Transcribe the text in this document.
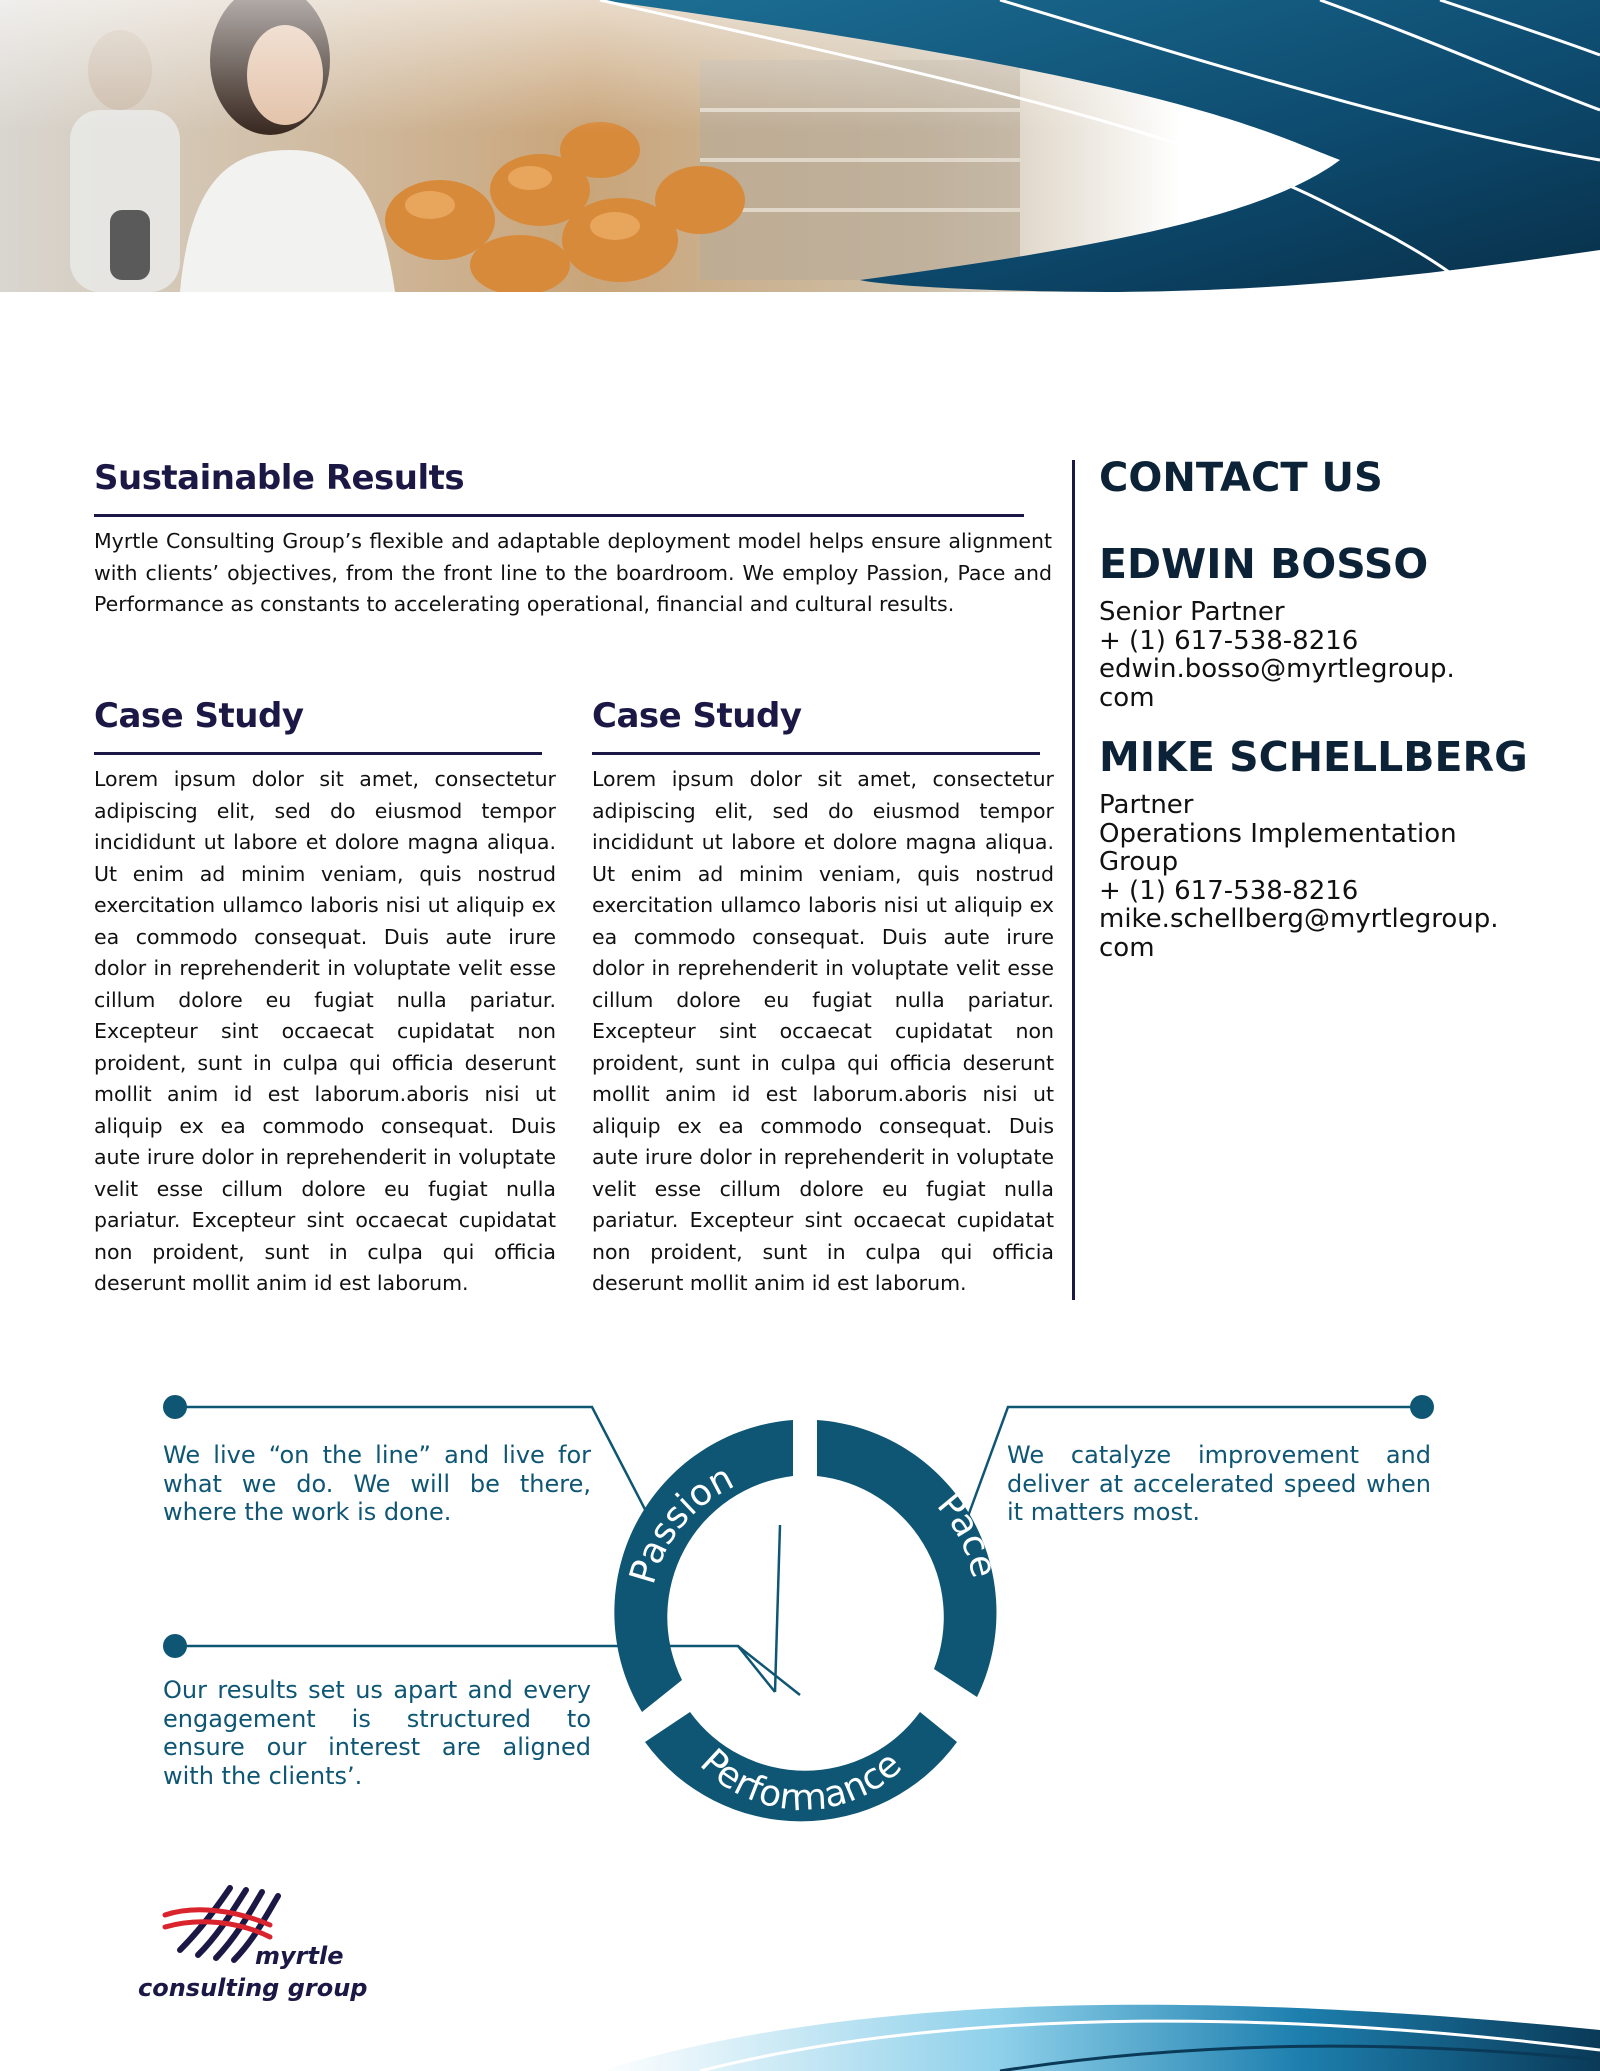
Sustainable Results

Myrtle Consulting Group’s flexible and adaptable deployment model helps ensure alignment with clients’ objectives, from the front line to the boardroom. We employ Passion, Pace and Performance as constants to accelerating operational, financial and cultural results.

Case Study

Lorem ipsum dolor sit amet, consectetur adipiscing elit, sed do eiusmod tempor incididunt ut labore et dolore magna aliqua. Ut enim ad minim veniam, quis nostrud exercitation ullamco laboris nisi ut aliquip ex ea commodo consequat. Duis aute irure dolor in reprehenderit in voluptate velit esse cillum dolore eu fugiat nulla pariatur. Excepteur sint occaecat cupidatat non proident, sunt in culpa qui officia deserunt mollit anim id est laborum.aboris nisi ut aliquip ex ea commodo consequat. Duis aute irure dolor in reprehenderit in voluptate velit esse cillum dolore eu fugiat nulla pariatur. Excepteur sint occaecat cupidatat non proident, sunt in culpa qui officia deserunt mollit anim id est laborum.

Case Study

Lorem ipsum dolor sit amet, consectetur adipiscing elit, sed do eiusmod tempor incididunt ut labore et dolore magna aliqua. Ut enim ad minim veniam, quis nostrud exercitation ullamco laboris nisi ut aliquip ex ea commodo consequat. Duis aute irure dolor in reprehenderit in voluptate velit esse cillum dolore eu fugiat nulla pariatur. Excepteur sint occaecat cupidatat non proident, sunt in culpa qui officia deserunt mollit anim id est laborum.aboris nisi ut aliquip ex ea commodo consequat. Duis aute irure dolor in reprehenderit in voluptate velit esse cillum dolore eu fugiat nulla pariatur. Excepteur sint occaecat cupidatat non proident, sunt in culpa qui officia deserunt mollit anim id est laborum.

CONTACT US
EDWIN BOSSO

Senior Partner

+ (1) 617-538-8216

edwin.bosso@myrtlegroup.

com

MIKE SCHELLBERG

Partner

Operations Implementation

Group

+ (1) 617-538-8216

mike.schellberg@myrtlegroup.

com

Passion
Pace
Performance

We live “on the line” and live for what we do. We will be there, where the work is done.

We catalyze improvement and deliver at accelerated speed when it matters most.

Our results set us apart and every engagement is structured to ensure our interest are aligned with the clients’.

myrtle
consulting group
